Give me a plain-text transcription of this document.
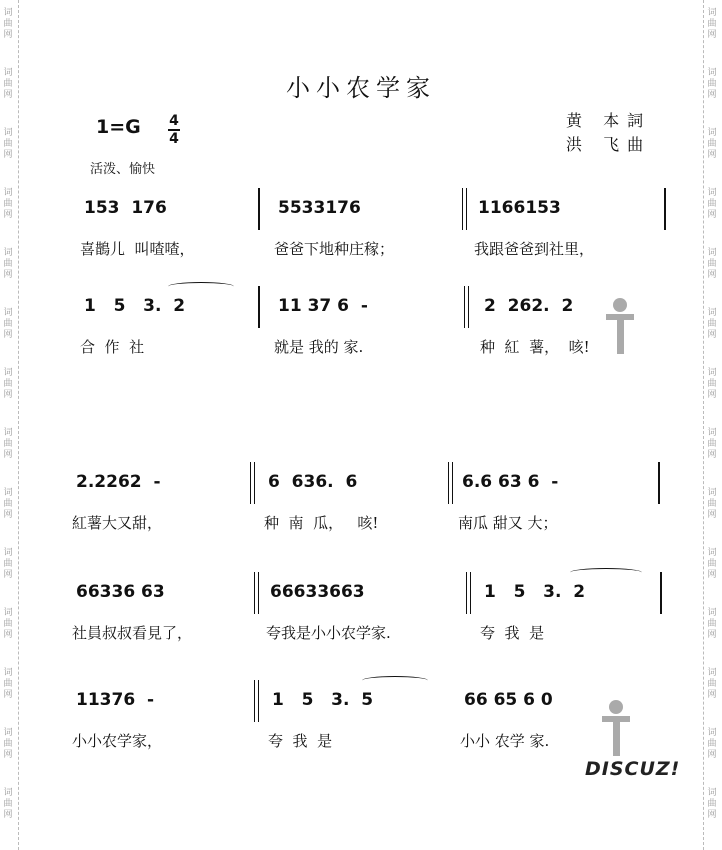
词
曲
网
词
曲
网
词
曲
网
词
曲
网
词
曲
网
词
曲
网
词
曲
网
词
曲
网
词
曲
网
词
曲
网
词
曲
网
词
曲
网
词
曲
网
词
曲
网
词
曲
网
词
曲
网
词
曲
网
词
曲
网
词
曲
网
词
曲
网
词
曲
网
词
曲
网
词
曲
网
词
曲
网
词
曲
网
词
曲
网
词
曲
网
词
曲
网
小小农学家
1=G 4
4
黄 本詞
洪 飞曲
活泼、愉快
153  176
喜鵲儿  叫喳喳，
5533176
爸爸下地种庄稼；
1166153
我跟爸爸到社里，
1   5   3.  2
合  作  社
11 37 6  -
就是 我的 家.
2  262.  2
种  紅  薯，  咳!
2.2262  -
紅薯大又甜，
6  636.  6
种  南  瓜，   咳!
6.6 63 6  -
南瓜 甜又 大；
66336 63
社員叔叔看見了，
66633663
夸我是小小农学家.
1   5   3.  2
夸  我  是
11376  -
小小农学家，
1   5   3.  5
夸  我  是
66 65 6 0
小小 农学 家.
DISCUZ!
